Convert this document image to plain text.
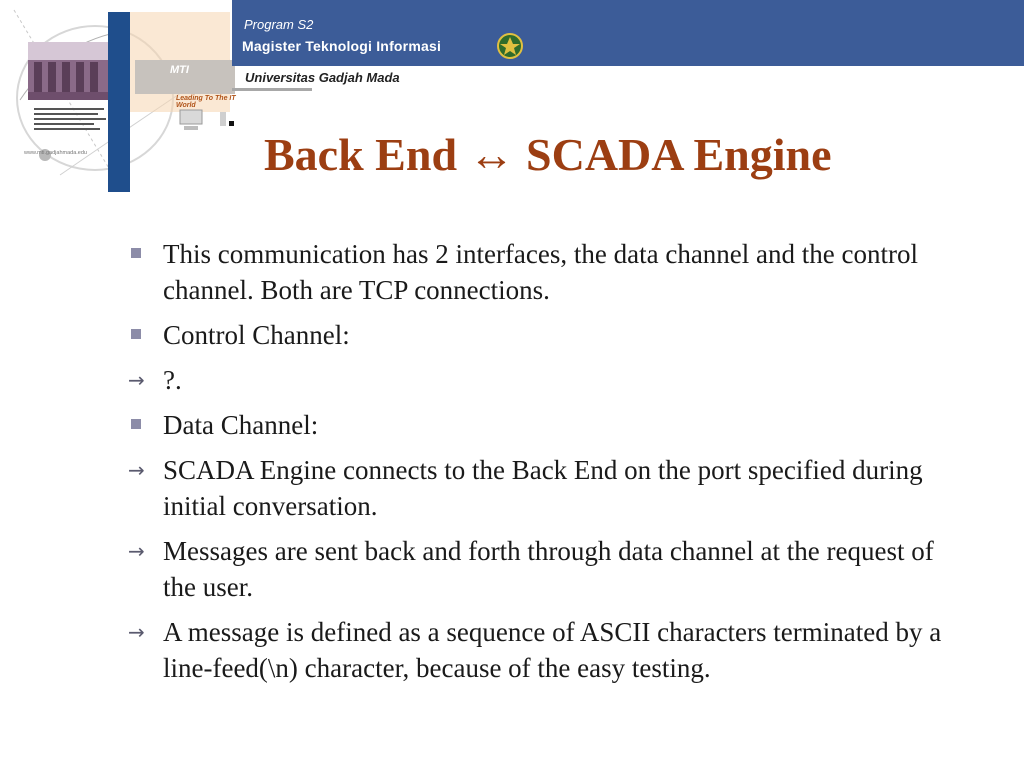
MTI
Leading To The IT World
www.mti.gadjahmada.edu
Program S2
Magister Teknologi Informasi
Universitas Gadjah Mada
Back End ↔ SCADA Engine
This communication has 2 interfaces, the data channel and the control channel. Both are TCP connections.
Control Channel:
→ ?.
Data Channel:
→ SCADA Engine connects to the Back End on the port specified during initial conversation.
→ Messages are sent back and forth through data channel at the request of the user.
→ A message is defined as a sequence of ASCII characters terminated by a line-feed(\n) character, because of the easy testing.
